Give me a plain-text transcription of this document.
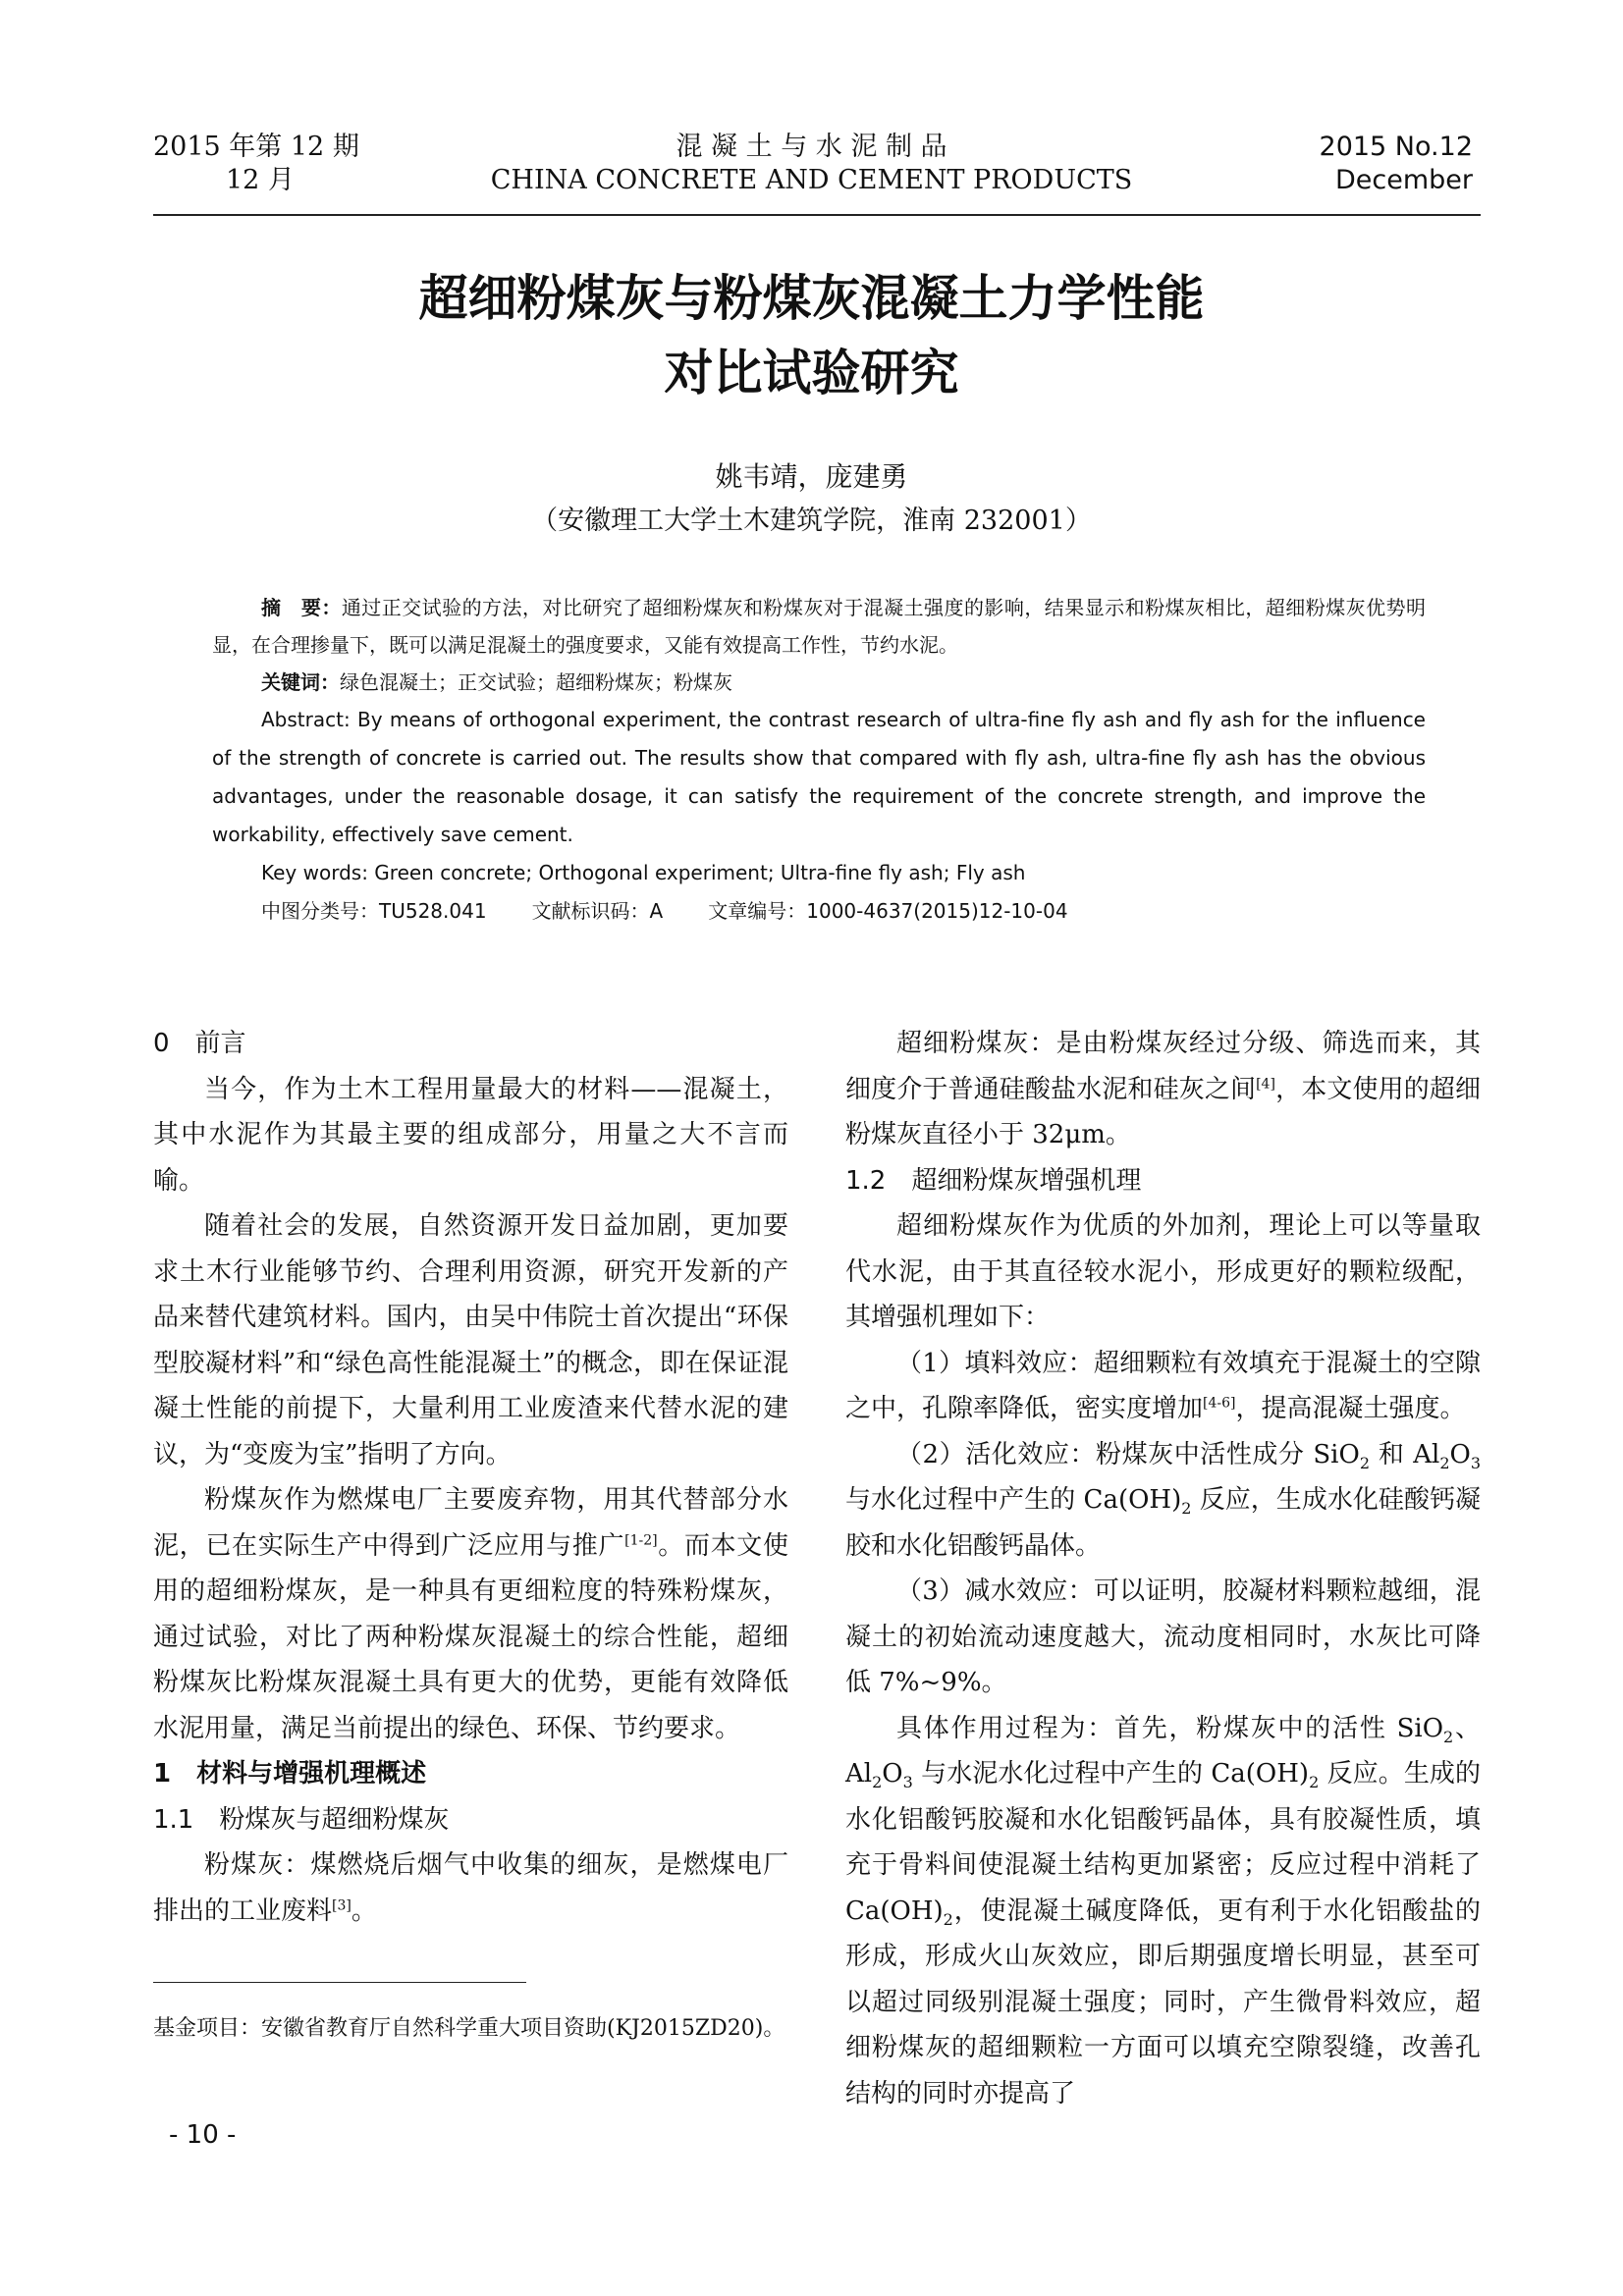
2015 年第 12 期
12 月
混 凝 土 与 水 泥 制 品
CHINA CONCRETE AND CEMENT PRODUCTS
2015 No.12
December
超细粉煤灰与粉煤灰混凝土力学性能
对比试验研究
姚韦靖，庞建勇
（安徽理工大学土木建筑学院，淮南 232001）

摘　要：通过正交试验的方法，对比研究了超细粉煤灰和粉煤灰对于混凝土强度的影响，结果显示和粉煤灰相比，超细粉煤灰优势明显，在合理掺量下，既可以满足混凝土的强度要求，又能有效提高工作性，节约水泥。

关键词：绿色混凝土；正交试验；超细粉煤灰；粉煤灰

Abstract: By means of orthogonal experiment, the contrast research of ultra-fine fly ash and fly ash for the influence of the strength of concrete is carried out. The results show that compared with fly ash, ultra-fine fly ash has the obvious advantages, under the reasonable dosage, it can satisfy the requirement of the concrete strength, and improve the workability, effectively save cement.

Key words: Green concrete; Orthogonal experiment; Ultra-fine fly ash; Fly ash

中图分类号：TU528.041 文献标识码：A 文章编号：1000-4637(2015)12-10-04

0　前言

当今，作为土木工程用量最大的材料——混凝土，其中水泥作为其最主要的组成部分，用量之大不言而喻。

随着社会的发展，自然资源开发日益加剧，更加要求土木行业能够节约、合理利用资源，研究开发新的产品来替代建筑材料。国内，由吴中伟院士首次提出“环保型胶凝材料”和“绿色高性能混凝土”的概念，即在保证混凝土性能的前提下，大量利用工业废渣来代替水泥的建议，为“变废为宝”指明了方向。

粉煤灰作为燃煤电厂主要废弃物，用其代替部分水泥，已在实际生产中得到广泛应用与推广[1-2]。而本文使用的超细粉煤灰，是一种具有更细粒度的特殊粉煤灰，通过试验，对比了两种粉煤灰混凝土的综合性能，超细粉煤灰比粉煤灰混凝土具有更大的优势，更能有效降低水泥用量，满足当前提出的绿色、环保、节约要求。

1　材料与增强机理概述

1.1　粉煤灰与超细粉煤灰

粉煤灰：煤燃烧后烟气中收集的细灰，是燃煤电厂排出的工业废料[3]。

超细粉煤灰：是由粉煤灰经过分级、筛选而来，其细度介于普通硅酸盐水泥和硅灰之间[4]，本文使用的超细粉煤灰直径小于 32μm。

1.2　超细粉煤灰增强机理

超细粉煤灰作为优质的外加剂，理论上可以等量取代水泥，由于其直径较水泥小，形成更好的颗粒级配，其增强机理如下：

（1）填料效应：超细颗粒有效填充于混凝土的空隙之中，孔隙率降低，密实度增加[4-6]，提高混凝土强度。

（2）活化效应：粉煤灰中活性成分 SiO$_2$ 和 $Al_2O_3$与水化过程中产生的 $Ca(OH)_2$ 反应，生成水化硅酸钙凝胶和水化铝酸钙晶体。

（3）减水效应：可以证明，胶凝材料颗粒越细，混凝土的初始流动速度越大，流动度相同时，水灰比可降低 7%~9%。

具体作用过程为：首先，粉煤灰中的活性 SiO$_2$、$Al_2O_3$ 与水泥水化过程中产生的 $Ca(OH)_2$ 反应。生成的水化铝酸钙胶凝和水化铝酸钙晶体，具有胶凝性质，填充于骨料间使混凝土结构更加紧密；反应过程中消耗了 $Ca(OH)_2$，使混凝土碱度降低，更有利于水化铝酸盐的形成，形成火山灰效应，即后期强度增长明显，甚至可以超过同级别混凝土强度；同时，产生微骨料效应，超细粉煤灰的超细颗粒一方面可以填充空隙裂缝，改善孔结构的同时亦提高了

基金项目：安徽省教育厅自然科学重大项目资助(KJ2015ZD20)。
- 10 -
